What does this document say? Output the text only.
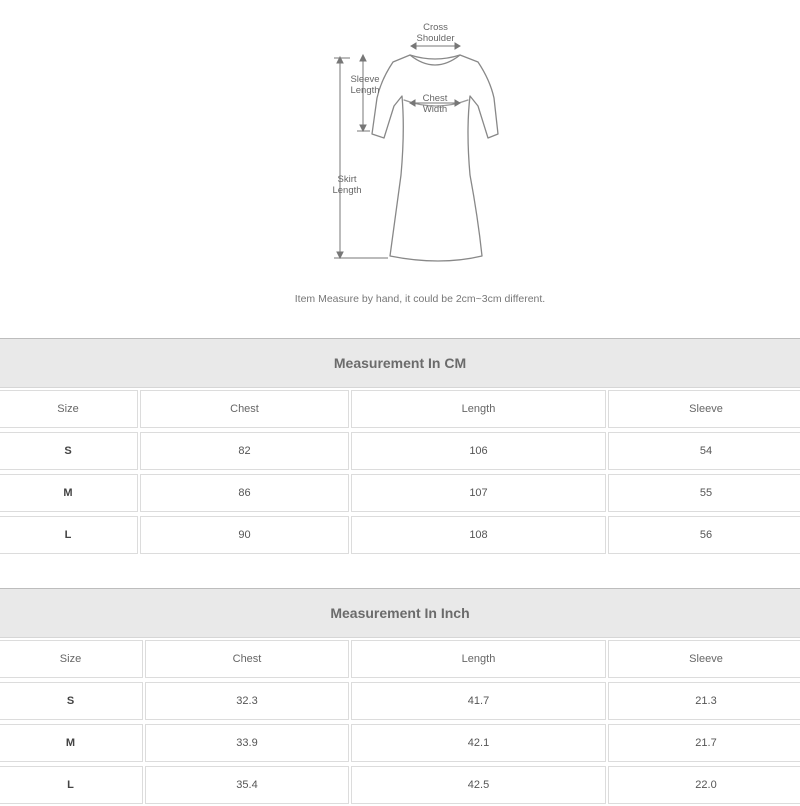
Cross
Shoulder
Sleeve
Length
Chest
Width
Skirt
Length
Item Measure by hand, it could be 2cm~3cm different.
Measurement In CM
Size	Chest	Length	Sleeve
S	82	106	54
M	86	107	55
L	90	108	56
Measurement In Inch
Size	Chest	Length	Sleeve
S	32.3	41.7	21.3
M	33.9	42.1	21.7
L	35.4	42.5	22.0
